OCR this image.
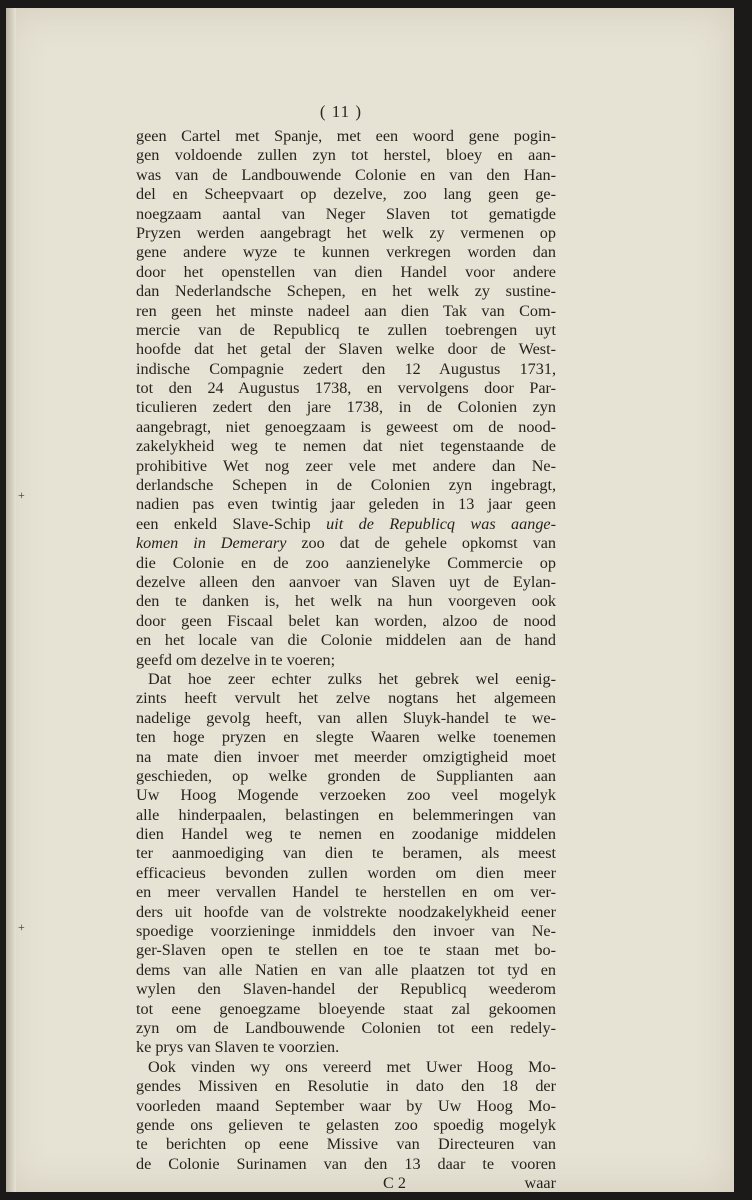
( 11 )
+
+
geen Cartel met Spanje, met een woord gene pogin-
gen voldoende zullen zyn tot herstel, bloey en aan-
was van de Landbouwende Colonie en van den Han-
del en Scheepvaart op dezelve, zoo lang geen ge-
noegzaam aantal van Neger Slaven tot gematigde
Pryzen werden aangebragt het welk zy vermenen op
gene andere wyze te kunnen verkregen worden dan
door het openstellen van dien Handel voor andere
dan Nederlandsche Schepen, en het welk zy sustine-
ren geen het minste nadeel aan dien Tak van Com-
mercie van de Republicq te zullen toebrengen uyt
hoofde dat het getal der Slaven welke door de West-
indische Compagnie zedert den 12 Augustus 1731,
tot den 24 Augustus 1738, en vervolgens door Par-
ticulieren zedert den jare 1738, in de Colonien zyn
aangebragt, niet genoegzaam is geweest om de nood-
zakelykheid weg te nemen dat niet tegenstaande de
prohibitive Wet nog zeer vele met andere dan Ne-
derlandsche Schepen in de Colonien zyn ingebragt,
nadien pas even twintig jaar geleden in 13 jaar geen
een enkeld Slave-Schip uit de Republicq was aange-
komen in Demerary zoo dat de gehele opkomst van
die Colonie en de zoo aanzienelyke Commercie op
dezelve alleen den aanvoer van Slaven uyt de Eylan-
den te danken is, het welk na hun voorgeven ook
door geen Fiscaal belet kan worden, alzoo de nood
en het locale van die Colonie middelen aan de hand
geefd om dezelve in te voeren;
Dat hoe zeer echter zulks het gebrek wel eenig-
zints heeft vervult het zelve nogtans het algemeen
nadelige gevolg heeft, van allen Sluyk-handel te we-
ten hoge pryzen en slegte Waaren welke toenemen
na mate dien invoer met meerder omzigtigheid moet
geschieden, op welke gronden de Supplianten aan
Uw Hoog Mogende verzoeken zoo veel mogelyk
alle hinderpaalen, belastingen en belemmeringen van
dien Handel weg te nemen en zoodanige middelen
ter aanmoediging van dien te beramen, als meest
efficacieus bevonden zullen worden om dien meer
en meer vervallen Handel te herstellen en om ver-
ders uit hoofde van de volstrekte noodzakelykheid eener
spoedige voorzieninge inmiddels den invoer van Ne-
ger-Slaven open te stellen en toe te staan met bo-
dems van alle Natien en van alle plaatzen tot tyd en
wylen den Slaven-handel der Republicq weederom
tot eene genoegzame bloeyende staat zal gekoomen
zyn om de Landbouwende Colonien tot een redely-
ke prys van Slaven te voorzien.
Ook vinden wy ons vereerd met Uwer Hoog Mo-
gendes Missiven en Resolutie in dato den 18 der
voorleden maand September waar by Uw Hoog Mo-
gende ons gelieven te gelasten zoo spoedig mogelyk
te berichten op eene Missive van Directeuren van
de Colonie Surinamen van den 13 daar te vooren
C 2	waar
